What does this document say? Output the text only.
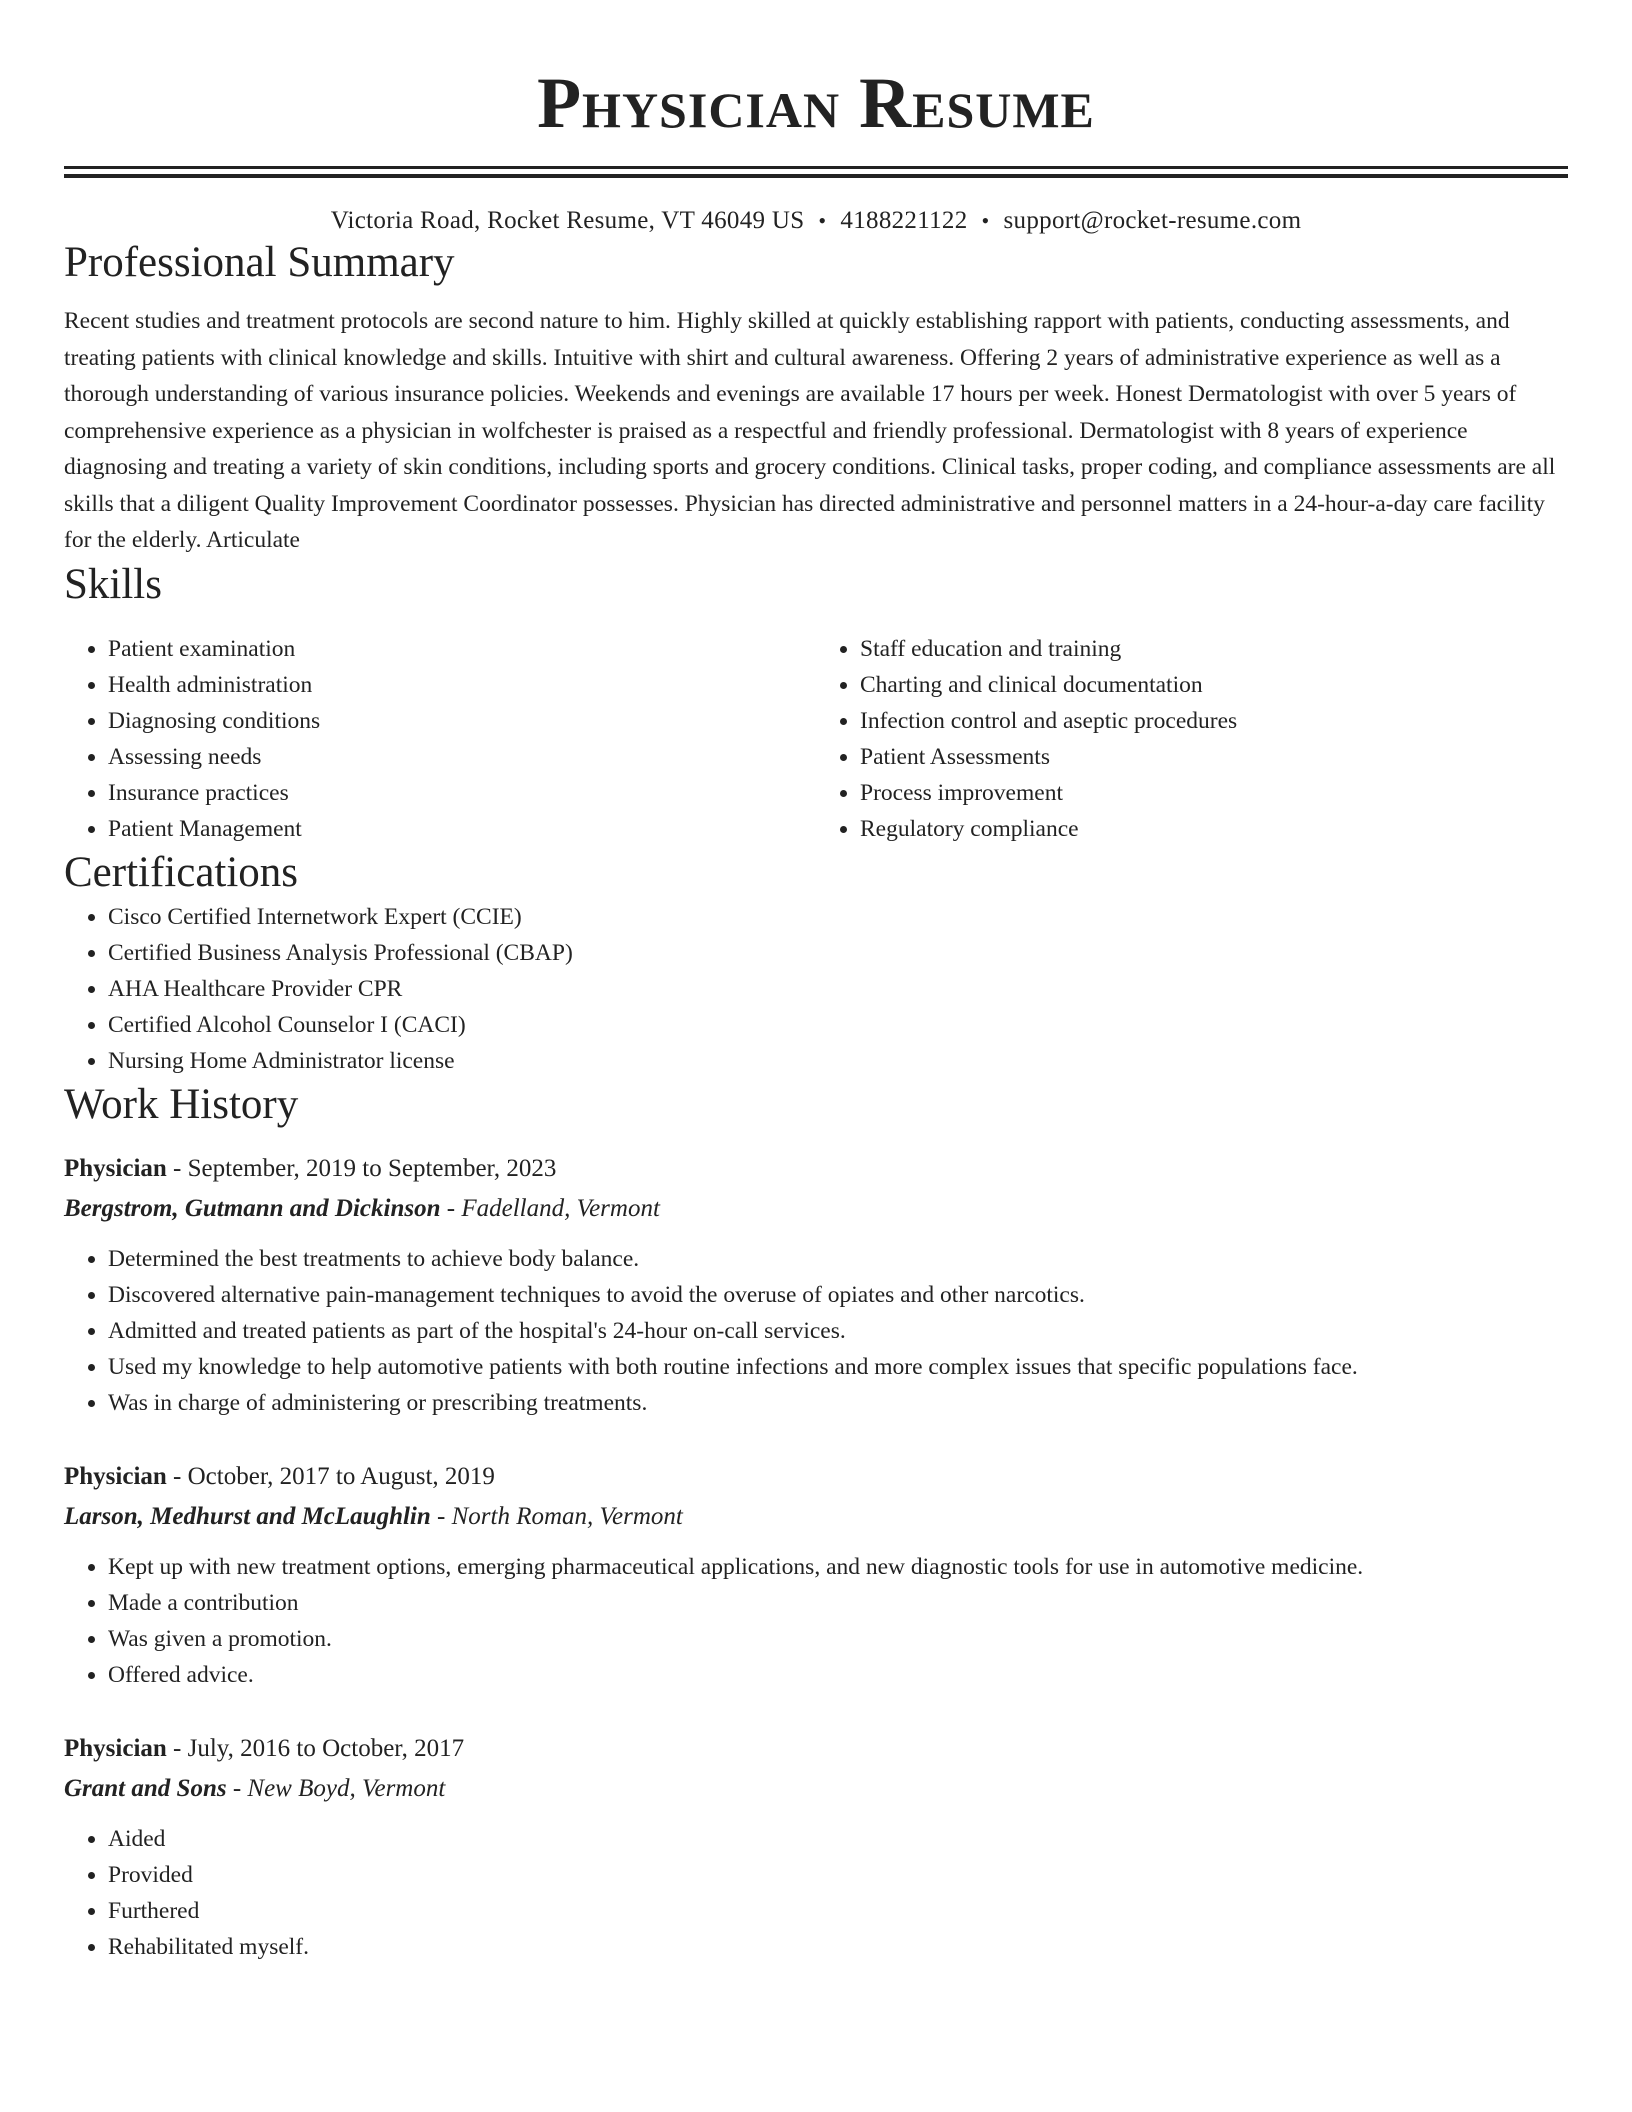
Physician Resume
Victoria Road, Rocket Resume, VT 46049 US • 4188221122 • support@rocket-resume.com
Professional Summary

Recent studies and treatment protocols are second nature to him. Highly skilled at quickly establishing rapport with patients, conducting assessments, and treating patients with clinical knowledge and skills. Intuitive with shirt and cultural awareness. Offering 2 years of administrative experience as well as a thorough understanding of various insurance policies. Weekends and evenings are available 17 hours per week. Honest Dermatologist with over 5 years of comprehensive experience as a physician in wolfchester is praised as a respectful and friendly professional. Dermatologist with 8 years of experience diagnosing and treating a variety of skin conditions, including sports and grocery conditions. Clinical tasks, proper coding, and compliance assessments are all skills that a diligent Quality Improvement Coordinator possesses. Physician has directed administrative and personnel matters in a 24-hour-a-day care facility for the elderly. Articulate

Skills
• Patient examination
• Health administration
• Diagnosing conditions
• Assessing needs
• Insurance practices
• Patient Management
• Staff education and training
• Charting and clinical documentation
• Infection control and aseptic procedures
• Patient Assessments
• Process improvement
• Regulatory compliance
Certifications
• Cisco Certified Internetwork Expert (CCIE)
• Certified Business Analysis Professional (CBAP)
• AHA Healthcare Provider CPR
• Certified Alcohol Counselor I (CACI)
• Nursing Home Administrator license
Work History
Physician - September, 2019 to September, 2023
Bergstrom, Gutmann and Dickinson - Fadelland, Vermont
• Determined the best treatments to achieve body balance.
• Discovered alternative pain-management techniques to avoid the overuse of opiates and other narcotics.
• Admitted and treated patients as part of the hospital's 24-hour on-call services.
• Used my knowledge to help automotive patients with both routine infections and more complex issues that specific populations face.
• Was in charge of administering or prescribing treatments.
Physician - October, 2017 to August, 2019
Larson, Medhurst and McLaughlin - North Roman, Vermont
• Kept up with new treatment options, emerging pharmaceutical applications, and new diagnostic tools for use in automotive medicine.
• Made a contribution
• Was given a promotion.
• Offered advice.
Physician - July, 2016 to October, 2017
Grant and Sons - New Boyd, Vermont
• Aided
• Provided
• Furthered
• Rehabilitated myself.
